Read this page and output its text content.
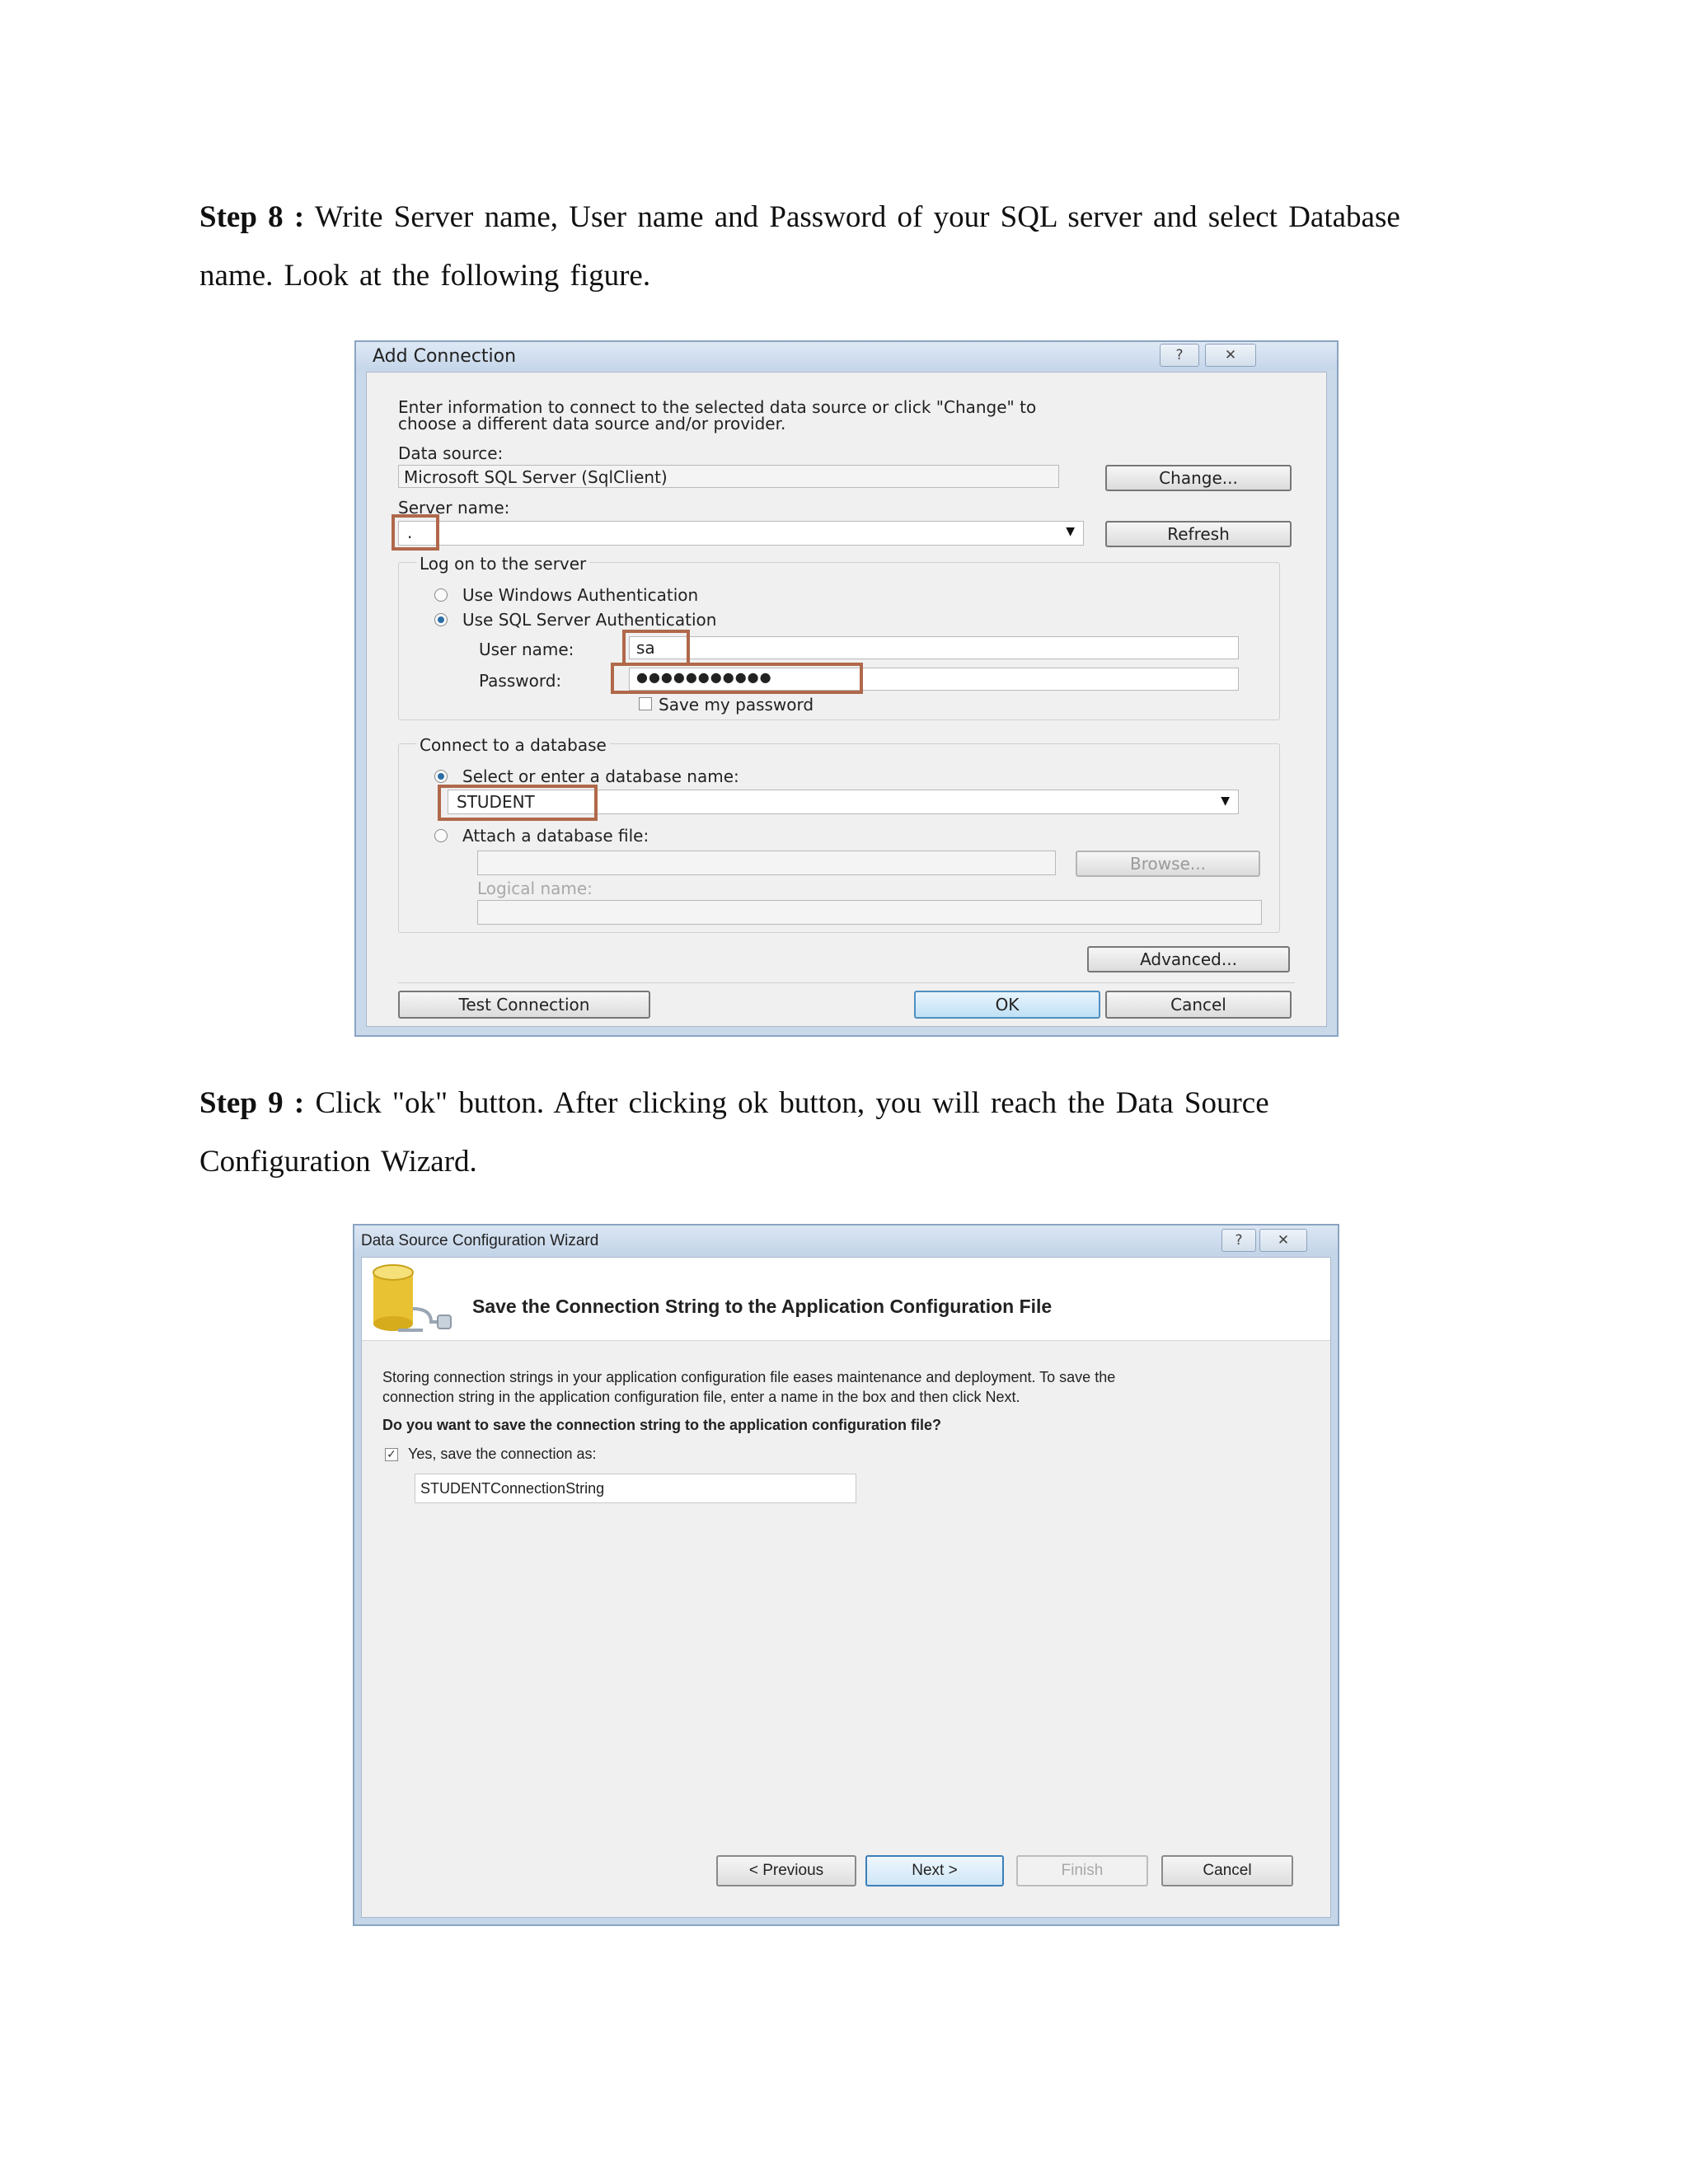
Step 8 : Write Server name, User name and Password of your SQL server and select Database
name. Look at the following figure.
Add Connection	?	✕
Enter information to connect to the selected data source or click "Change" to
choose a different data source and/or provider.
Data source:
Microsoft SQL Server (SqlClient)	Change...
Server name:
.	▼	Refresh
Log on to the server
Use Windows Authentication
Use SQL Server Authentication
User name:	sa
Password:	●●●●●●●●●●●
Save my password
Connect to a database
Select or enter a database name:
STUDENT	▼
Attach a database file:
Browse...
Logical name:
Advanced...
Test Connection	OK	Cancel
Step 9 : Click "ok" button. After clicking ok button, you will reach the Data Source
Configuration Wizard.
Data Source Configuration Wizard	?	✕
Save the Connection String to the Application Configuration File
Storing connection strings in your application configuration file eases maintenance and deployment. To save the
connection string in the application configuration file, enter a name in the box and then click Next.
Do you want to save the connection string to the application configuration file?
✓ Yes, save the connection as:
STUDENTConnectionString
< Previous	Next >	Finish	Cancel
